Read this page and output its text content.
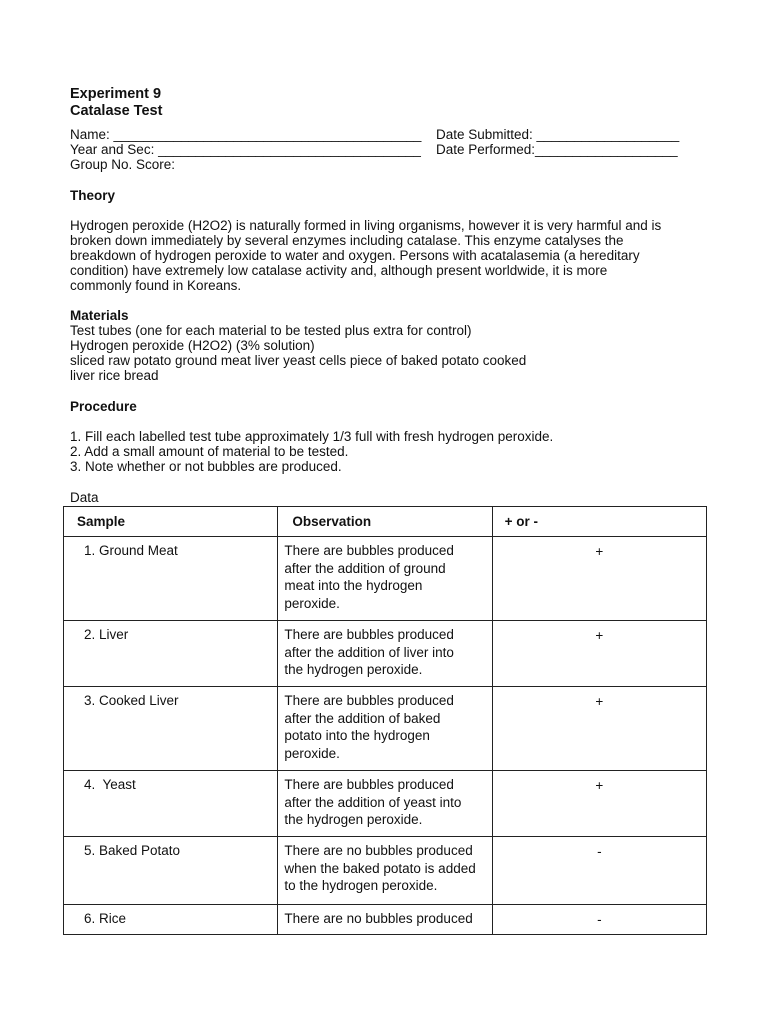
Experiment 9
Catalase Test
Name: _________________________________________ Date Submitted: ___________________
Year and Sec: ___________________________________ Date Performed:___________________
Group No. Score:
Theory
Hydrogen peroxide (H2O2) is naturally formed in living organisms, however it is very harmful and is
broken down immediately by several enzymes including catalase. This enzyme catalyses the
breakdown of hydrogen peroxide to water and oxygen. Persons with acatalasemia (a hereditary
condition) have extremely low catalase activity and, although present worldwide, it is more
commonly found in Koreans.
Materials
Test tubes (one for each material to be tested plus extra for control)
Hydrogen peroxide (H2O2) (3% solution)
sliced raw potato ground meat liver yeast cells piece of baked potato cooked
liver rice bread
Procedure
1. Fill each labelled test tube approximately 1/3 full with fresh hydrogen peroxide.
2. Add a small amount of material to be tested.
3. Note whether or not bubbles are produced.
Data
Sample	Observation	+ or -
1. Ground Meat	There are bubbles produced
after the addition of ground
meat into the hydrogen
peroxide.	+
2. Liver	There are bubbles produced
after the addition of liver into
the hydrogen peroxide.	+
3. Cooked Liver	There are bubbles produced
after the addition of baked
potato into the hydrogen
peroxide.	+
4.  Yeast	There are bubbles produced
after the addition of yeast into
the hydrogen peroxide.	+
5. Baked Potato	There are no bubbles produced
when the baked potato is added
to the hydrogen peroxide.	-
6. Rice	There are no bubbles produced	-
